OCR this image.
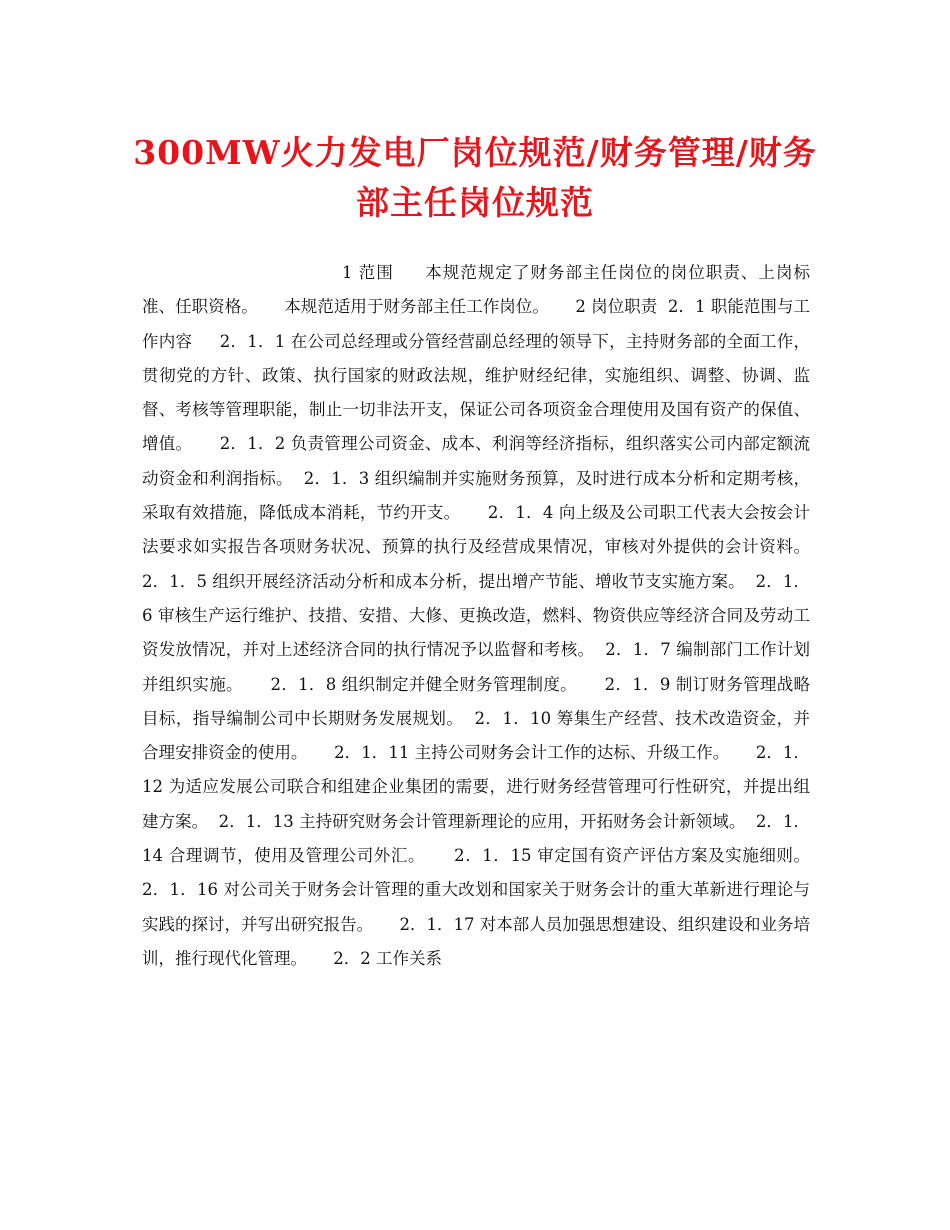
300MW火力发电厂岗位规范/财务管理/财务
部主任岗位规范

1 范围     本规范规定了财务部主任岗位的岗位职责、上岗标准、任职资格。     本规范适用于财务部主任工作岗位。     2 岗位职责  2．1 职能范围与工作内容     2．1．1 在公司总经理或分管经营副总经理的领导下，主持财务部的全面工作，贯彻党的方针、政策、执行国家的财政法规，维护财经纪律，实施组织、调整、协调、监督、考核等管理职能，制止一切非法开支，保证公司各项资金合理使用及国有资产的保值、增值。     2．1．2 负责管理公司资金、成本、利润等经济指标，组织落实公司内部定额流动资金和利润指标。  2．1．3 组织编制并实施财务预算，及时进行成本分析和定期考核，采取有效措施，降低成本消耗，节约开支。     2．1．4 向上级及公司职工代表大会按会计法要求如实报告各项财务状况、预算的执行及经营成果情况，审核对外提供的会计资料。  2．1．5 组织开展经济活动分析和成本分析，提出增产节能、增收节支实施方案。  2．1．6 审核生产运行维护、技措、安措、大修、更换改造，燃料、物资供应等经济合同及劳动工资发放情况，并对上述经济合同的执行情况予以监督和考核。  2．1．7 编制部门工作计划并组织实施。     2．1．8 组织制定并健全财务管理制度。     2．1．9 制订财务管理战略目标，指导编制公司中长期财务发展规划。  2．1．10 筹集生产经营、技术改造资金，并合理安排资金的使用。     2．1．11 主持公司财务会计工作的达标、升级工作。     2．1．12 为适应发展公司联合和组建企业集团的需要，进行财务经营管理可行性研究，并提出组建方案。  2．1．13 主持研究财务会计管理新理论的应用，开拓财务会计新领域。  2．1．14 合理调节，使用及管理公司外汇。     2．1．15 审定国有资产评估方案及实施细则。     2．1．16 对公司关于财务会计管理的重大改划和国家关于财务会计的重大革新进行理论与实践的探讨，并写出研究报告。     2．1．17 对本部人员加强思想建设、组织建设和业务培训，推行现代化管理。     2．2 工作关系
